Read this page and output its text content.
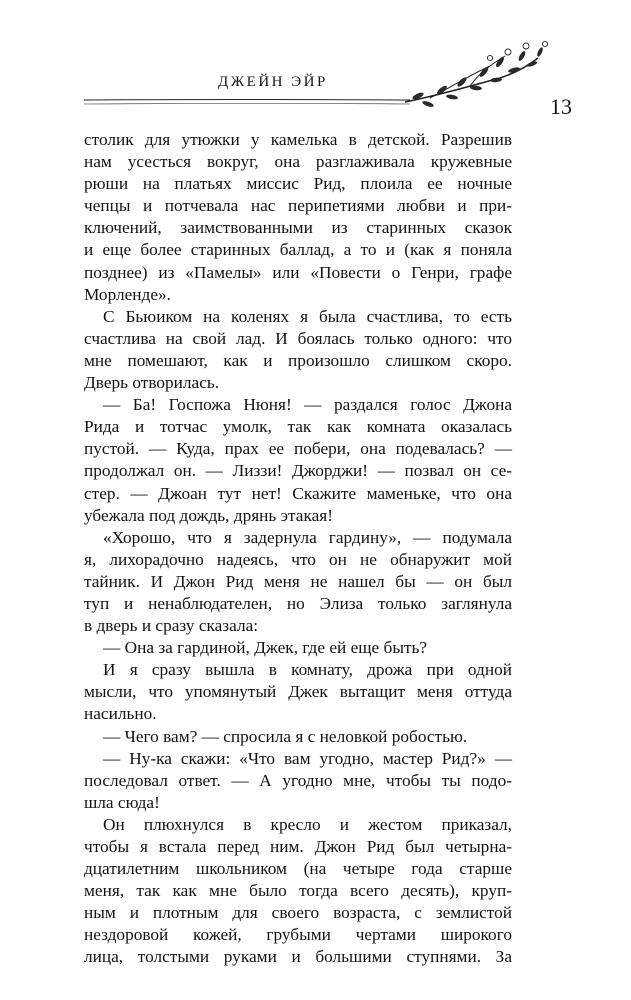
ДЖЕЙН ЭЙР
13
столик для утюжки у камелька в детской. Разрешив
нам усесться вокруг, она разглаживала кружевные
рюши на платьях миссис Рид, плоила ее ночные
чепцы и потчевала нас перипетиями любви и при-
ключений, заимствованными из старинных сказок
и еще более старинных баллад, а то и (как я поняла
позднее) из «Памелы» или «Повести о Генри, графе
Морленде».
С Бьюиком на коленях я была счастлива, то есть
счастлива на свой лад. И боялась только одного: что
мне помешают, как и произошло слишком скоро.
Дверь отворилась.
— Ба! Госпожа Нюня! — раздался голос Джона
Рида и тотчас умолк, так как комната оказалась
пустой. — Куда, прах ее побери, она подевалась? —
продолжал он. — Лиззи! Джорджи! — позвал он се-
стер. — Джоан тут нет! Скажите маменьке, что она
убежала под дождь, дрянь этакая!
«Хорошо, что я задернула гардину», — подумала
я, лихорадочно надеясь, что он не обнаружит мой
тайник. И Джон Рид меня не нашел бы — он был
туп и ненаблюдателен, но Элиза только заглянула
в дверь и сразу сказала:
— Она за гардиной, Джек, где ей еще быть?
И я сразу вышла в комнату, дрожа при одной
мысли, что упомянутый Джек вытащит меня оттуда
насильно.
— Чего вам? — спросила я с неловкой робостью.
— Ну-ка скажи: «Что вам угодно, мастер Рид?» —
последовал ответ. — А угодно мне, чтобы ты подо-
шла сюда!
Он плюхнулся в кресло и жестом приказал,
чтобы я встала перед ним. Джон Рид был четырна-
дцатилетним школьником (на четыре года старше
меня, так как мне было тогда всего десять), круп-
ным и плотным для своего возраста, с землистой
нездоровой кожей, грубыми чертами широкого
лица, толстыми руками и большими ступнями. За
